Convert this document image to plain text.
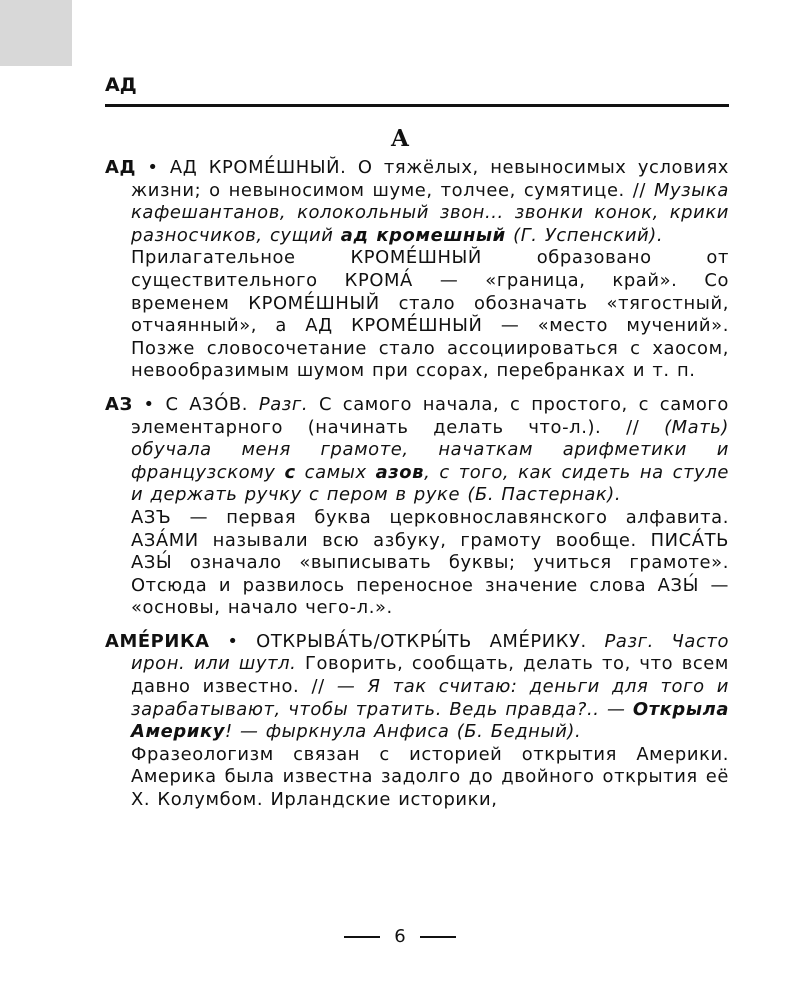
АД
А

АД • АД КРОМЕ́ШНЫЙ. О тяжёлых, невыносимых условиях жизни; о невыносимом шуме, толчее, сумятице. // Музыка кафешантанов, колокольный звон... звонки конок, крики разносчиков, сущий ад кромешный (Г. Успенский).

Прилагательное КРОМЕ́ШНЫЙ образовано от существительного КРОМА́ — «граница, край». Со временем КРОМЕ́ШНЫЙ стало обозначать «тягостный, отчаянный», а АД КРОМЕ́ШНЫЙ — «место мучений». Позже словосочетание стало ассоциироваться с хаосом, невообразимым шумом при ссорах, перебранках и т. п.

АЗ • С АЗО́В. Разг. С самого начала, с простого, с самого элементарного (начинать делать что-л.). // (Мать) обучала меня грамоте, начаткам арифметики и французскому с самых азов, с того, как сидеть на стуле и держать ручку с пером в руке (Б. Пастернак).

АЗЪ — первая буква церковнославянского алфавита. АЗА́МИ называли всю азбуку, грамоту вообще. ПИСА́ТЬ АЗЫ́ означало «выписывать буквы; учиться грамоте». Отсюда и развилось переносное значение слова АЗЫ́ — «основы, начало чего-л.».

АМЕ́РИКА • ОТКРЫВА́ТЬ/ОТКРЫ́ТЬ АМЕ́РИКУ. Разг. Часто ирон. или шутл. Говорить, сообщать, делать то, что всем давно известно. // — Я так считаю: деньги для того и зарабатывают, чтобы тратить. Ведь правда?.. — Открыла Америку! — фыркнула Анфиса (Б. Бедный).

Фразеологизм связан с историей открытия Америки. Америка была известна задолго до двойного открытия её Х. Колумбом. Ирландские историки,

6
